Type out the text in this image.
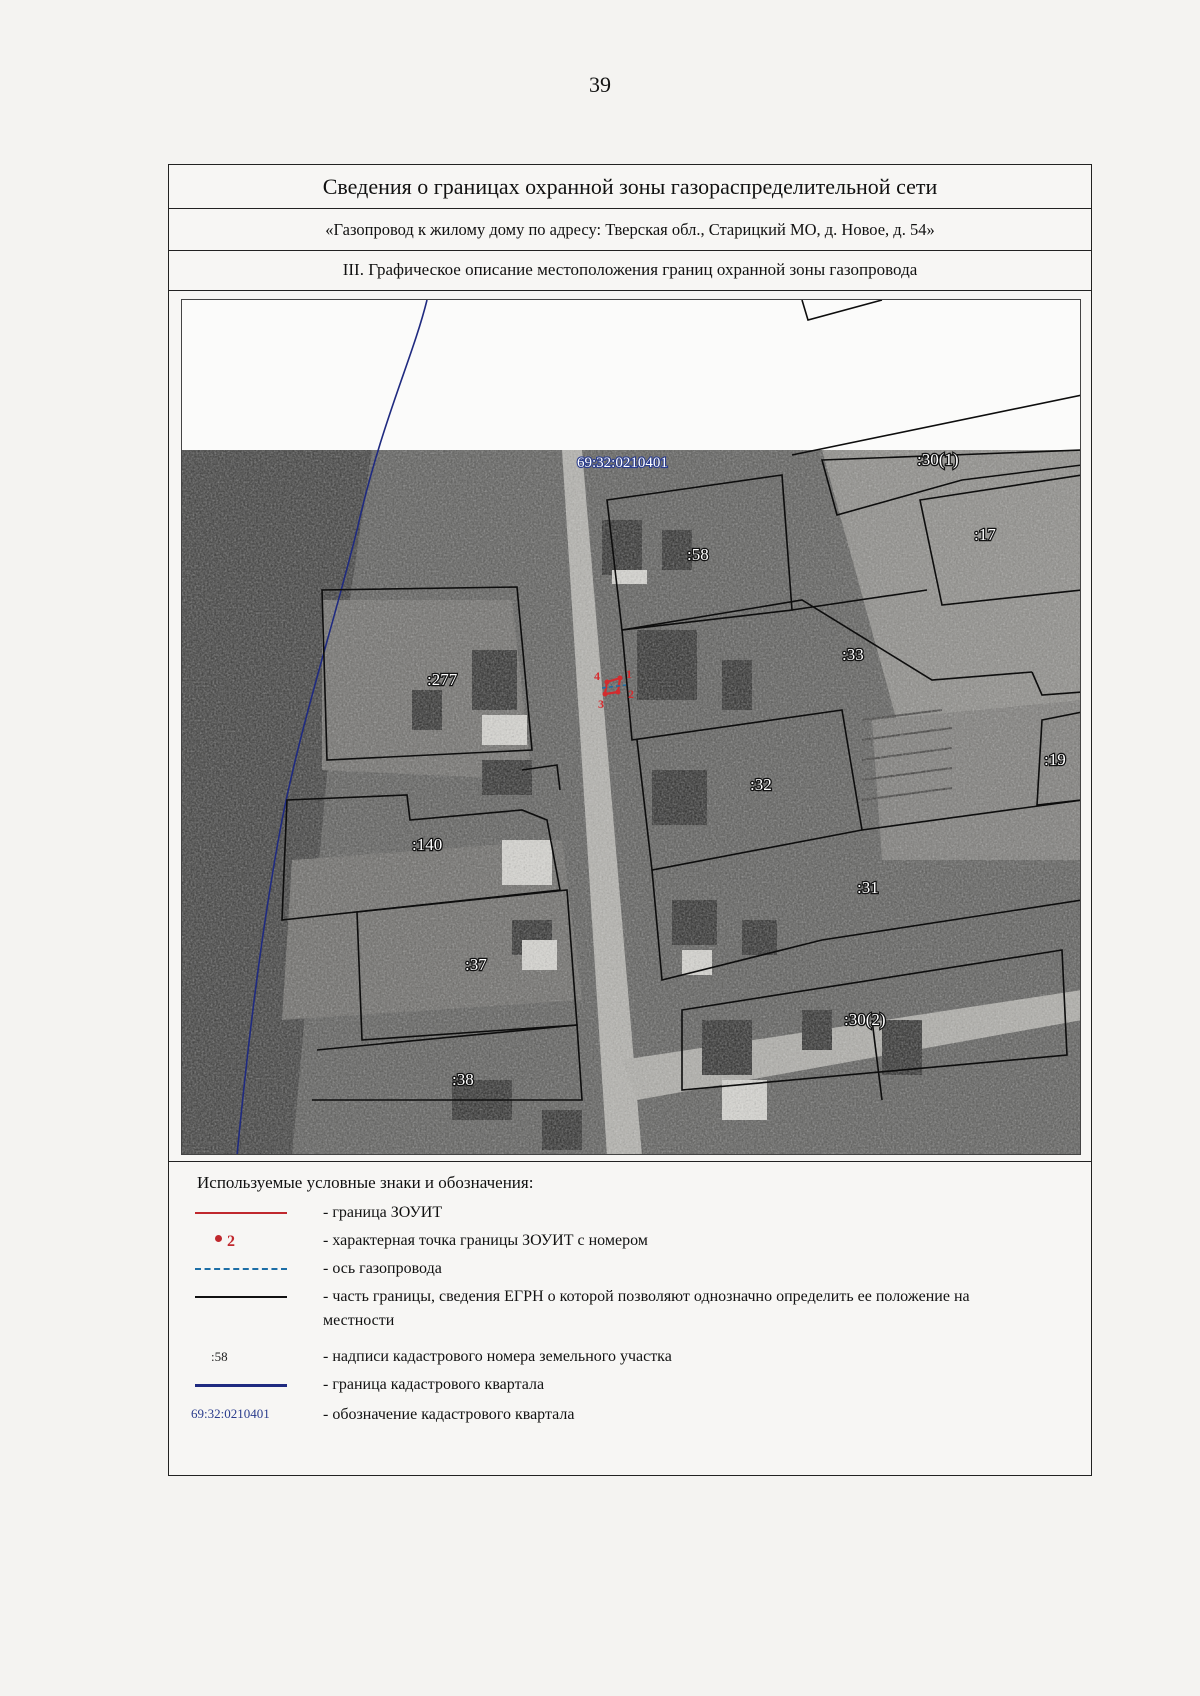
39
Сведения о границах охранной зоны газораспределительной сети
«Газопровод к жилому дому по адресу: Тверская обл., Старицкий МО, д. Новое, д. 54»
III. Графическое описание местоположения границ охранной зоны газопровода
4 1
2
3
69:32:0210401	:30(1)
:17
:58
:33
:277
:19
:32
:140
:31
:37
:30(2)
:38
Используемые условные знаки и обозначения:
- граница ЗОУИТ
2	- характерная точка границы ЗОУИТ с номером
- ось газопровода
- часть границы, сведения ЕГРН о которой позволяют однозначно определить ее положение на местности
:58	- надписи кадастрового номера земельного участка
- граница кадастрового квартала
69:32:0210401	- обозначение кадастрового квартала
